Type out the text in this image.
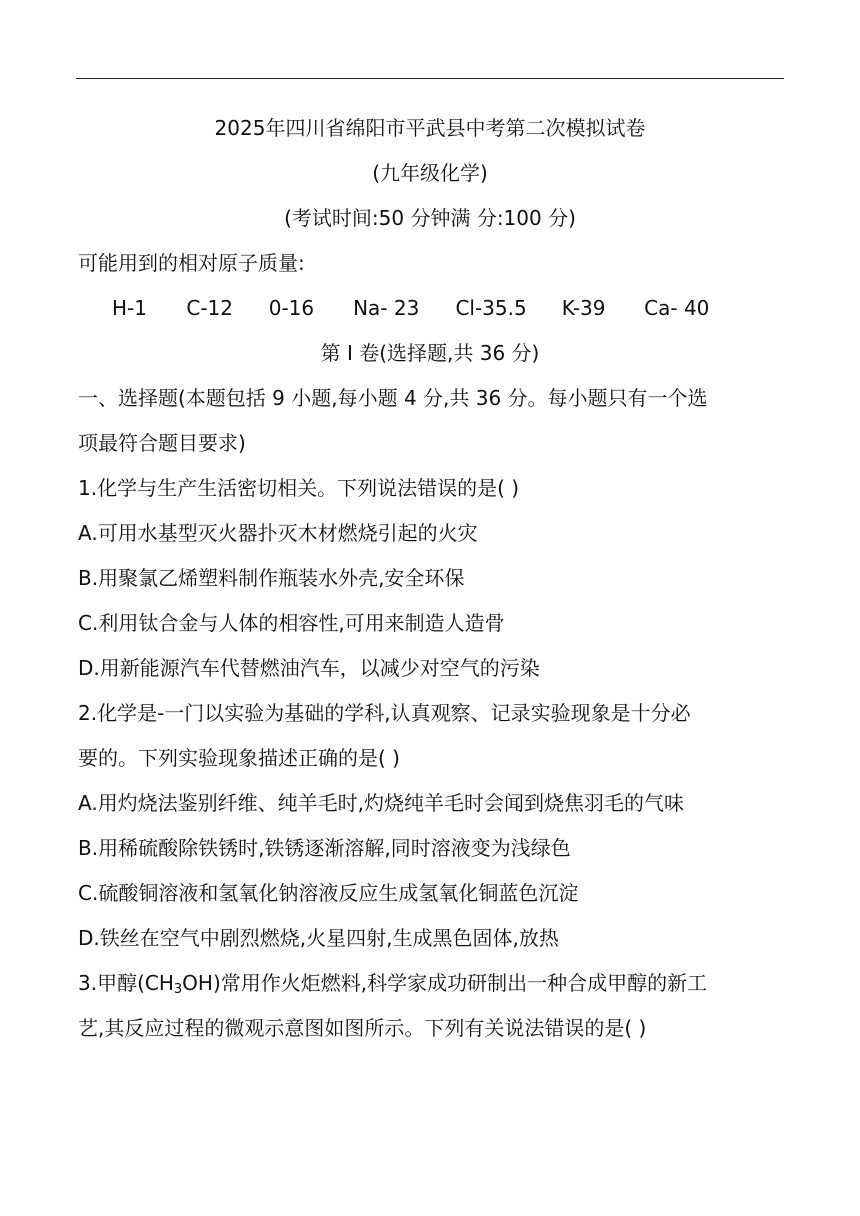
2025年四川省绵阳市平武县中考第二次模拟试卷
(九年级化学)
(考试时间:50 分钟满 分:100 分)
可能用到的相对原子质量:
H-1 C-12 0-16 Na- 23 Cl-35.5 K-39 Ca- 40
第 I 卷(选择题,共 36 分)
一、选择题(本题包括 9 小题,每小题 4 分,共 36 分。每小题只有一个选
项最符合题目要求)
1.化学与生产生活密切相关。下列说法错误的是( )
A.可用水基型灭火器扑灭木材燃烧引起的火灾
B.用聚氯乙烯塑料制作瓶装水外壳,安全环保
C.利用钛合金与人体的相容性,可用来制造人造骨
D.用新能源汽车代替燃油汽车，以减少对空气的污染
2.化学是-一门以实验为基础的学科,认真观察、记录实验现象是十分必
要的。下列实验现象描述正确的是( )
A.用灼烧法鉴别纤维、纯羊毛时,灼烧纯羊毛时会闻到烧焦羽毛的气味
B.用稀硫酸除铁锈时,铁锈逐渐溶解,同时溶液变为浅绿色
C.硫酸铜溶液和氢氧化钠溶液反应生成氢氧化铜蓝色沉淀
D.铁丝在空气中剧烈燃烧,火星四射,生成黑色固体,放热
3.甲醇$(CH_3OH)$常用作火炬燃料,科学家成功研制出一种合成甲醇的新工
艺,其反应过程的微观示意图如图所示。下列有关说法错误的是( )
